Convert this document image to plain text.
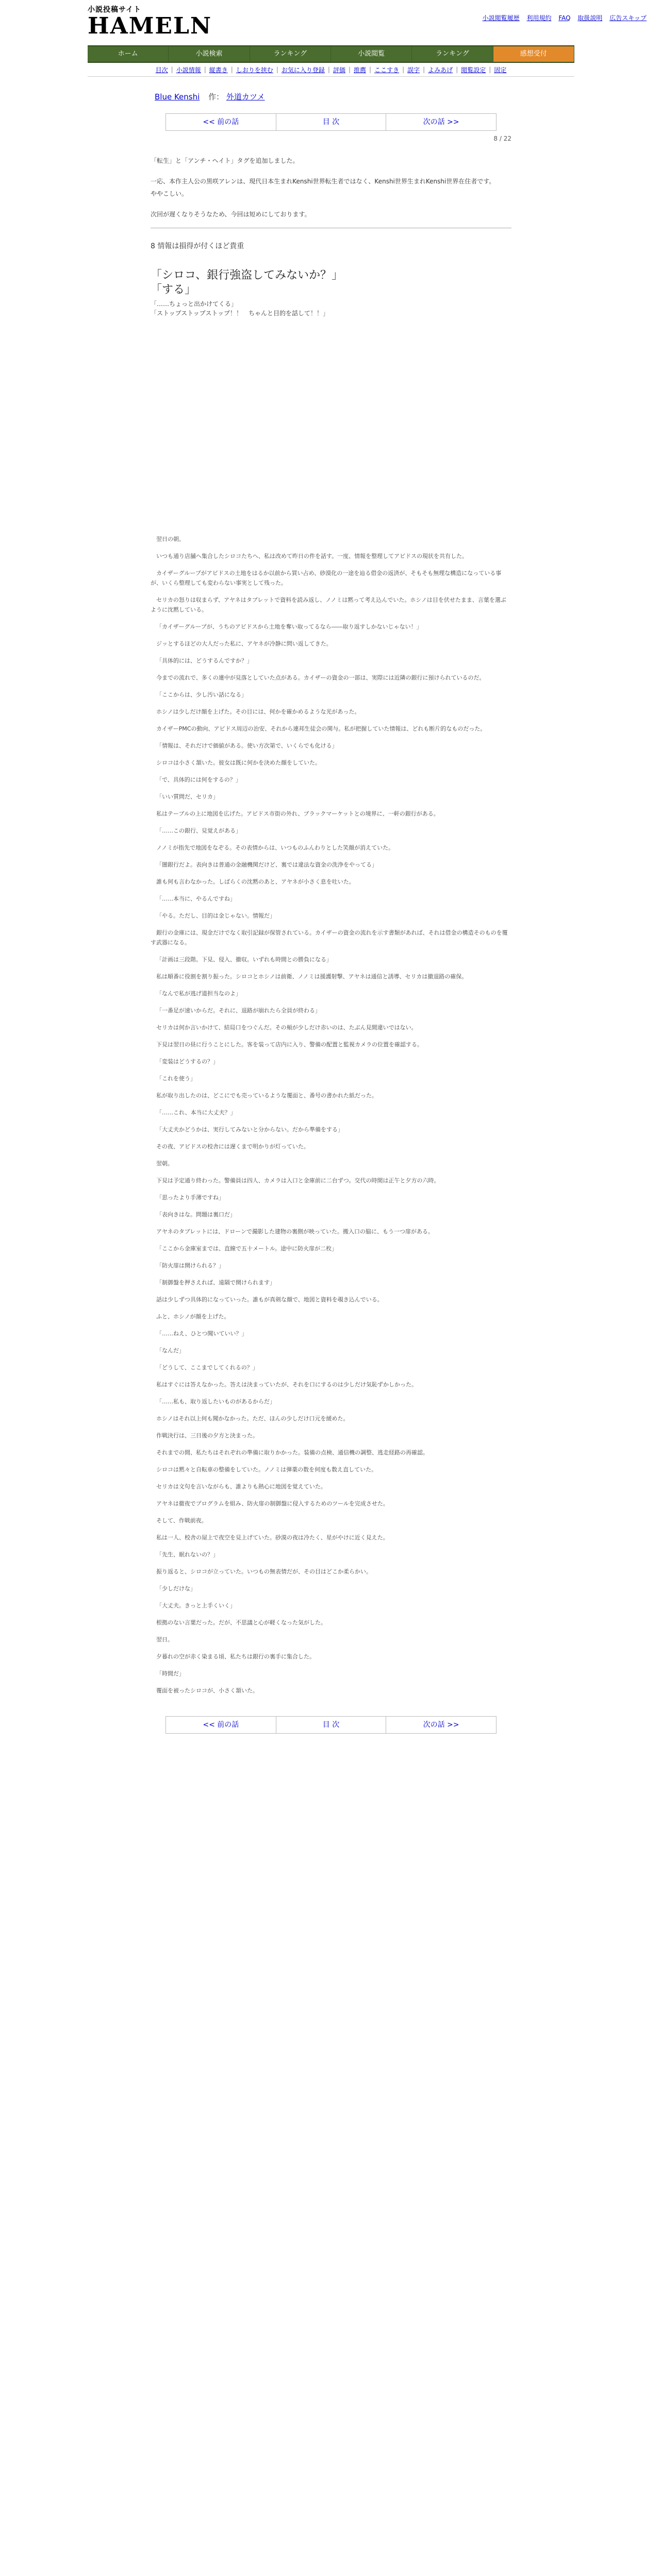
小説投稿サイト
HAMELN	小説閲覧履歴 利用規約 FAQ 取扱説明 広告スキップ
ホーム	小説検索	ランキング	小説閲覧	ランキング	感想受付
目次 | 小説情報 | 縦書き | しおりを挟む | お気に入り登録 | 評価 | 推薦 | ここすき | 誤字 | よみあげ | 閲覧設定 | 固定
Blue Kenshi 作： 外道カツメ
<< 前の話	目 次	次の話 >>
8 / 22
「転生」と「アンチ・ヘイト」タグを追加しました。
一応、本作主人公の黒咲アレンは、現代日本生まれKenshi世界転生者ではなく、Kenshi世界生まれKenshi世界在住者です。
ややこしい。
次回が遅くなりそうなため、今回は短めにしております。
8 情報は損得が付くほど貴重
「シロコ、銀行強盗してみないか？」
「する」
「……ちょっと出かけてくる」
「ストップストップストップ！！　ちゃんと目的を話して！！」

翌日の朝。

いつも通り店舗へ集合したシロコたちへ、私は改めて昨日の件を話す。一度、情報を整理してアビドスの現状を共有した。

カイザーグループがアビドスの土地をはるか以前から買い占め、砂漠化の一途を辿る借金の返済が、そもそも無理な構造になっている事が、いくら整理しても変わらない事実として残った。

セリカの怒りは収まらず、アヤネはタブレットで資料を読み返し、ノノミは黙って考え込んでいた。ホシノは目を伏せたまま、言葉を選ぶように沈黙している。

「カイザーグループが、うちのアビドスから土地を奪い取ってるなら――取り返すしかないじゃない！」

ジッとするほどの大人だった私に、アヤネが冷静に問い返してきた。

「具体的には、どうするんですか？」

今までの流れで、多くの連中が見落としていた点がある。カイザーの資金の一部は、実際には近隣の銀行に預けられているのだ。

「ここからは、少し汚い話になる」

ホシノは少しだけ顔を上げた。その目には、何かを確かめるような光があった。

カイザーPMCの動向、アビドス周辺の治安、それから連邦生徒会の関与。私が把握していた情報は、どれも断片的なものだった。

「情報は、それだけで価値がある。使い方次第で、いくらでも化ける」

シロコは小さく頷いた。彼女は既に何かを決めた顔をしていた。

「で、具体的には何をするの？」

「いい質問だ、セリカ」

私はテーブルの上に地図を広げた。アビドス市街の外れ、ブラックマーケットとの境界に、一軒の銀行がある。

「……この銀行、見覚えがある」

ノノミが指先で地図をなぞる。その表情からは、いつものふんわりとした笑顔が消えていた。

「闇銀行だよ。表向きは普通の金融機関だけど、裏では違法な資金の洗浄をやってる」

誰も何も言わなかった。しばらくの沈黙のあと、アヤネが小さく息を吐いた。

「……本当に、やるんですね」

「やる。ただし、目的は金じゃない。情報だ」

銀行の金庫には、現金だけでなく取引記録が保管されている。カイザーの資金の流れを示す書類があれば、それは借金の構造そのものを覆す武器になる。

「計画は三段階。下見、侵入、撤収。いずれも時間との勝負になる」

私は順番に役割を割り振った。シロコとホシノは前衛、ノノミは援護射撃、アヤネは通信と誘導、セリカは撤退路の確保。

「なんで私が逃げ道担当なのよ」

「一番足が速いからだ。それに、退路が崩れたら全員が終わる」

セリカは何か言いかけて、結局口をつぐんだ。その頬が少しだけ赤いのは、たぶん見間違いではない。

下見は翌日の昼に行うことにした。客を装って店内に入り、警備の配置と監視カメラの位置を確認する。

「変装はどうするの？」

「これを使う」

私が取り出したのは、どこにでも売っているような覆面と、番号の書かれた紙だった。

「……これ、本当に大丈夫？」

「大丈夫かどうかは、実行してみないと分からない。だから準備をする」

その夜、アビドスの校舎には遅くまで明かりが灯っていた。

翌朝。

下見は予定通り終わった。警備員は四人、カメラは入口と金庫前に二台ずつ。交代の時間は正午と夕方の六時。

「思ったより手薄ですね」

「表向きはな。問題は裏口だ」

アヤネのタブレットには、ドローンで撮影した建物の裏側が映っていた。搬入口の脇に、もう一つ扉がある。

「ここから金庫室までは、直線で五十メートル。途中に防火扉が二枚」

「防火扉は開けられる？」

「制御盤を押さえれば、遠隔で開けられます」

話は少しずつ具体的になっていった。誰もが真剣な顔で、地図と資料を覗き込んでいる。

ふと、ホシノが顔を上げた。

「……ねえ、ひとつ聞いていい？」

「なんだ」

「どうして、ここまでしてくれるの？」

私はすぐには答えなかった。答えは決まっていたが、それを口にするのは少しだけ気恥ずかしかった。

「……私も、取り返したいものがあるからだ」

ホシノはそれ以上何も聞かなかった。ただ、ほんの少しだけ口元を緩めた。

作戦決行は、三日後の夕方と決まった。

それまでの間、私たちはそれぞれの準備に取りかかった。装備の点検、通信機の調整、逃走経路の再確認。

シロコは黙々と自転車の整備をしていた。ノノミは弾薬の数を何度も数え直していた。

セリカは文句を言いながらも、誰よりも熱心に地図を覚えていた。

アヤネは徹夜でプログラムを組み、防火扉の制御盤に侵入するためのツールを完成させた。

そして、作戦前夜。

私は一人、校舎の屋上で夜空を見上げていた。砂漠の夜は冷たく、星がやけに近く見えた。

「先生、眠れないの？」

振り返ると、シロコが立っていた。いつもの無表情だが、その目はどこか柔らかい。

「少しだけな」

「大丈夫。きっと上手くいく」

根拠のない言葉だった。だが、不思議と心が軽くなった気がした。

翌日。

夕暮れの空が赤く染まる頃、私たちは銀行の裏手に集合した。

「時間だ」

覆面を被ったシロコが、小さく頷いた。

<< 前の話	目 次	次の話 >>
